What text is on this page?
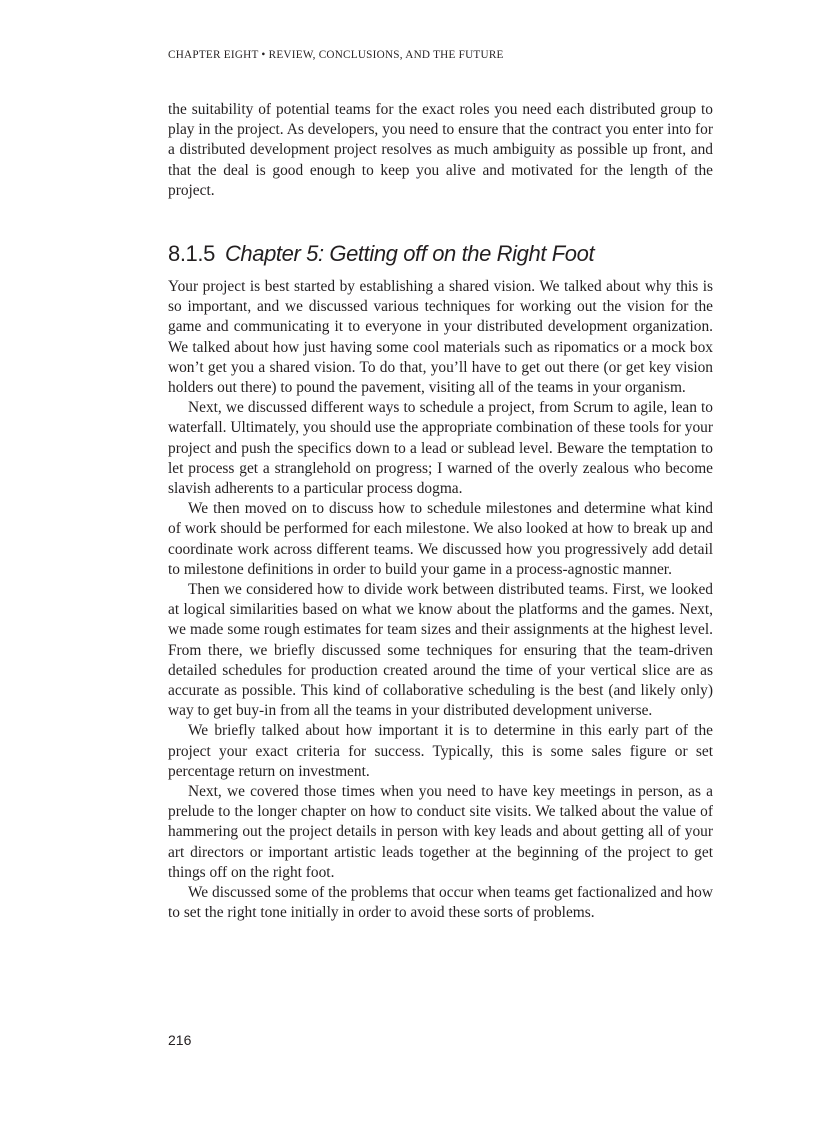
CHAPTER EIGHT • REVIEW, CONCLUSIONS, AND THE FUTURE

the suitability of potential teams for the exact roles you need each distributed group to play in the project. As developers, you need to ensure that the contract you enter into for a distributed development project resolves as much ambiguity as possible up front, and that the deal is good enough to keep you alive and motivated for the length of the project.

8.1.5 Chapter 5: Getting off on the Right Foot

Your project is best started by establishing a shared vision. We talked about why this is so important, and we discussed various techniques for working out the vision for the game and communicating it to everyone in your distributed development organization. We talked about how just having some cool materials such as ripomatics or a mock box won’t get you a shared vision. To do that, you’ll have to get out there (or get key vision holders out there) to pound the pavement, visiting all of the teams in your organism.

Next, we discussed different ways to schedule a project, from Scrum to agile, lean to waterfall. Ultimately, you should use the appropriate combination of these tools for your project and push the specifics down to a lead or sublead level. Beware the temptation to let process get a stranglehold on progress; I warned of the overly zealous who become slavish adherents to a particular process dogma.

We then moved on to discuss how to schedule milestones and determine what kind of work should be performed for each milestone. We also looked at how to break up and coordinate work across different teams. We discussed how you progressively add detail to milestone definitions in order to build your game in a process-agnostic manner.

Then we considered how to divide work between distributed teams. First, we looked at logical similarities based on what we know about the platforms and the games. Next, we made some rough estimates for team sizes and their assignments at the highest level. From there, we briefly discussed some techniques for ensuring that the team-driven detailed schedules for production created around the time of your vertical slice are as accurate as possible. This kind of collaborative scheduling is the best (and likely only) way to get buy-in from all the teams in your distributed development universe.

We briefly talked about how important it is to determine in this early part of the project your exact criteria for success. Typically, this is some sales figure or set percentage return on investment.

Next, we covered those times when you need to have key meetings in person, as a prelude to the longer chapter on how to conduct site visits. We talked about the value of hammering out the project details in person with key leads and about getting all of your art directors or important artistic leads together at the beginning of the project to get things off on the right foot.

We discussed some of the problems that occur when teams get factionalized and how to set the right tone initially in order to avoid these sorts of problems.

216
